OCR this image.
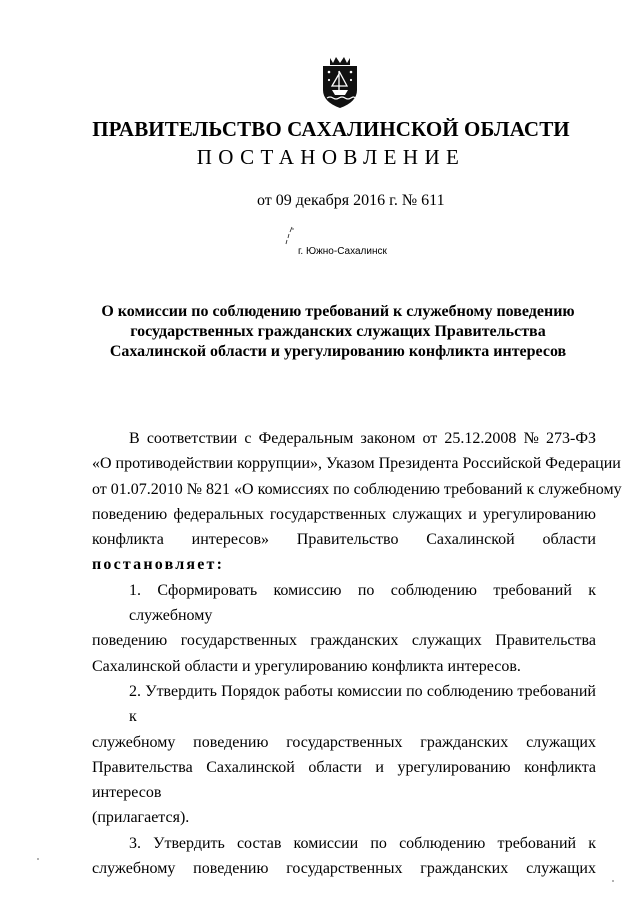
ПРАВИТЕЛЬСТВО САХАЛИНСКОЙ ОБЛАСТИ
ПОСТАНОВЛЕНИЕ
от 09 декабря 2016 г. № 611
г. Южно-Сахалинск
О комиссии по соблюдению требований к служебному поведению государственных гражданских служащих Правительства Сахалинской области и урегулированию конфликта интересов
В соответствии с Федеральным законом от 25.12.2008 № 273-ФЗ
«О противодействии коррупции», Указом Президента Российской Федерации
от 01.07.2010 № 821 «О комиссиях по соблюдению требований к служебному
поведению федеральных государственных служащих и урегулированию
конфликта интересов» Правительство Сахалинской области
постановляет:
1. Сформировать комиссию по соблюдению требований к служебному
поведению государственных гражданских служащих Правительства
Сахалинской области и урегулированию конфликта интересов.
2. Утвердить Порядок работы комиссии по соблюдению требований к
служебному поведению государственных гражданских служащих
Правительства Сахалинской области и урегулированию конфликта интересов
(прилагается).
3. Утвердить состав комиссии по соблюдению требований к
служебному поведению государственных гражданских служащих
